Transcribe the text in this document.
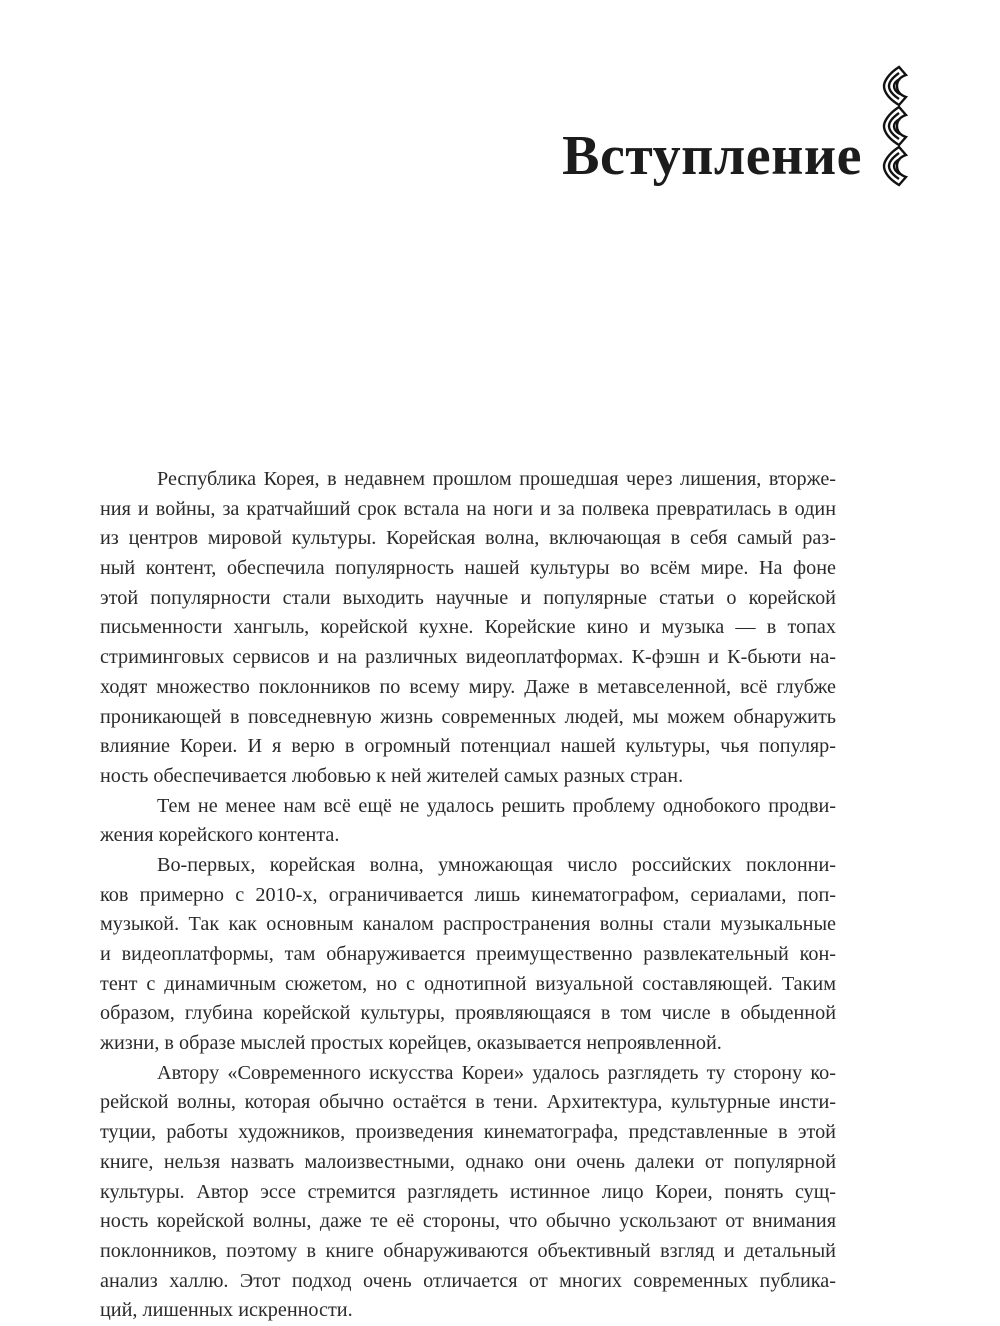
Вступление
Республика Корея, в недавнем прошлом прошедшая через лишения, вторже-
ния и войны, за кратчайший срок встала на ноги и за полвека превратилась в один
из центров мировой культуры. Корейская волна, включающая в себя самый раз-
ный контент, обеспечила популярность нашей культуры во всём мире. На фоне
этой популярности стали выходить научные и популярные статьи о корейской
письменности хангыль, корейской кухне. Корейские кино и музыка — в топах
стриминговых сервисов и на различных видеоплатформах. К-фэшн и К-бьюти на-
ходят множество поклонников по всему миру. Даже в метавселенной, всё глубже
проникающей в повседневную жизнь современных людей, мы можем обнаружить
влияние Кореи. И я верю в огромный потенциал нашей культуры, чья популяр-
ность обеспечивается любовью к ней жителей самых разных стран.
Тем не менее нам всё ещё не удалось решить проблему однобокого продви-
жения корейского контента.
Во-первых, корейская волна, умножающая число российских поклонни-
ков примерно с 2010-х, ограничивается лишь кинематографом, сериалами, поп-
музыкой. Так как основным каналом распространения волны стали музыкальные
и видеоплатформы, там обнаруживается преимущественно развлекательный кон-
тент с динамичным сюжетом, но с однотипной визуальной составляющей. Таким
образом, глубина корейской культуры, проявляющаяся в том числе в обыденной
жизни, в образе мыслей простых корейцев, оказывается непроявленной.
Автору «Современного искусства Кореи» удалось разглядеть ту сторону ко-
рейской волны, которая обычно остаётся в тени. Архитектура, культурные инсти-
туции, работы художников, произведения кинематографа, представленные в этой
книге, нельзя назвать малоизвестными, однако они очень далеки от популярной
культуры. Автор эссе стремится разглядеть истинное лицо Кореи, понять сущ-
ность корейской волны, даже те её стороны, что обычно ускользают от внимания
поклонников, поэтому в книге обнаруживаются объективный взгляд и детальный
анализ халлю. Этот подход очень отличается от многих современных публика-
ций, лишенных искренности.
